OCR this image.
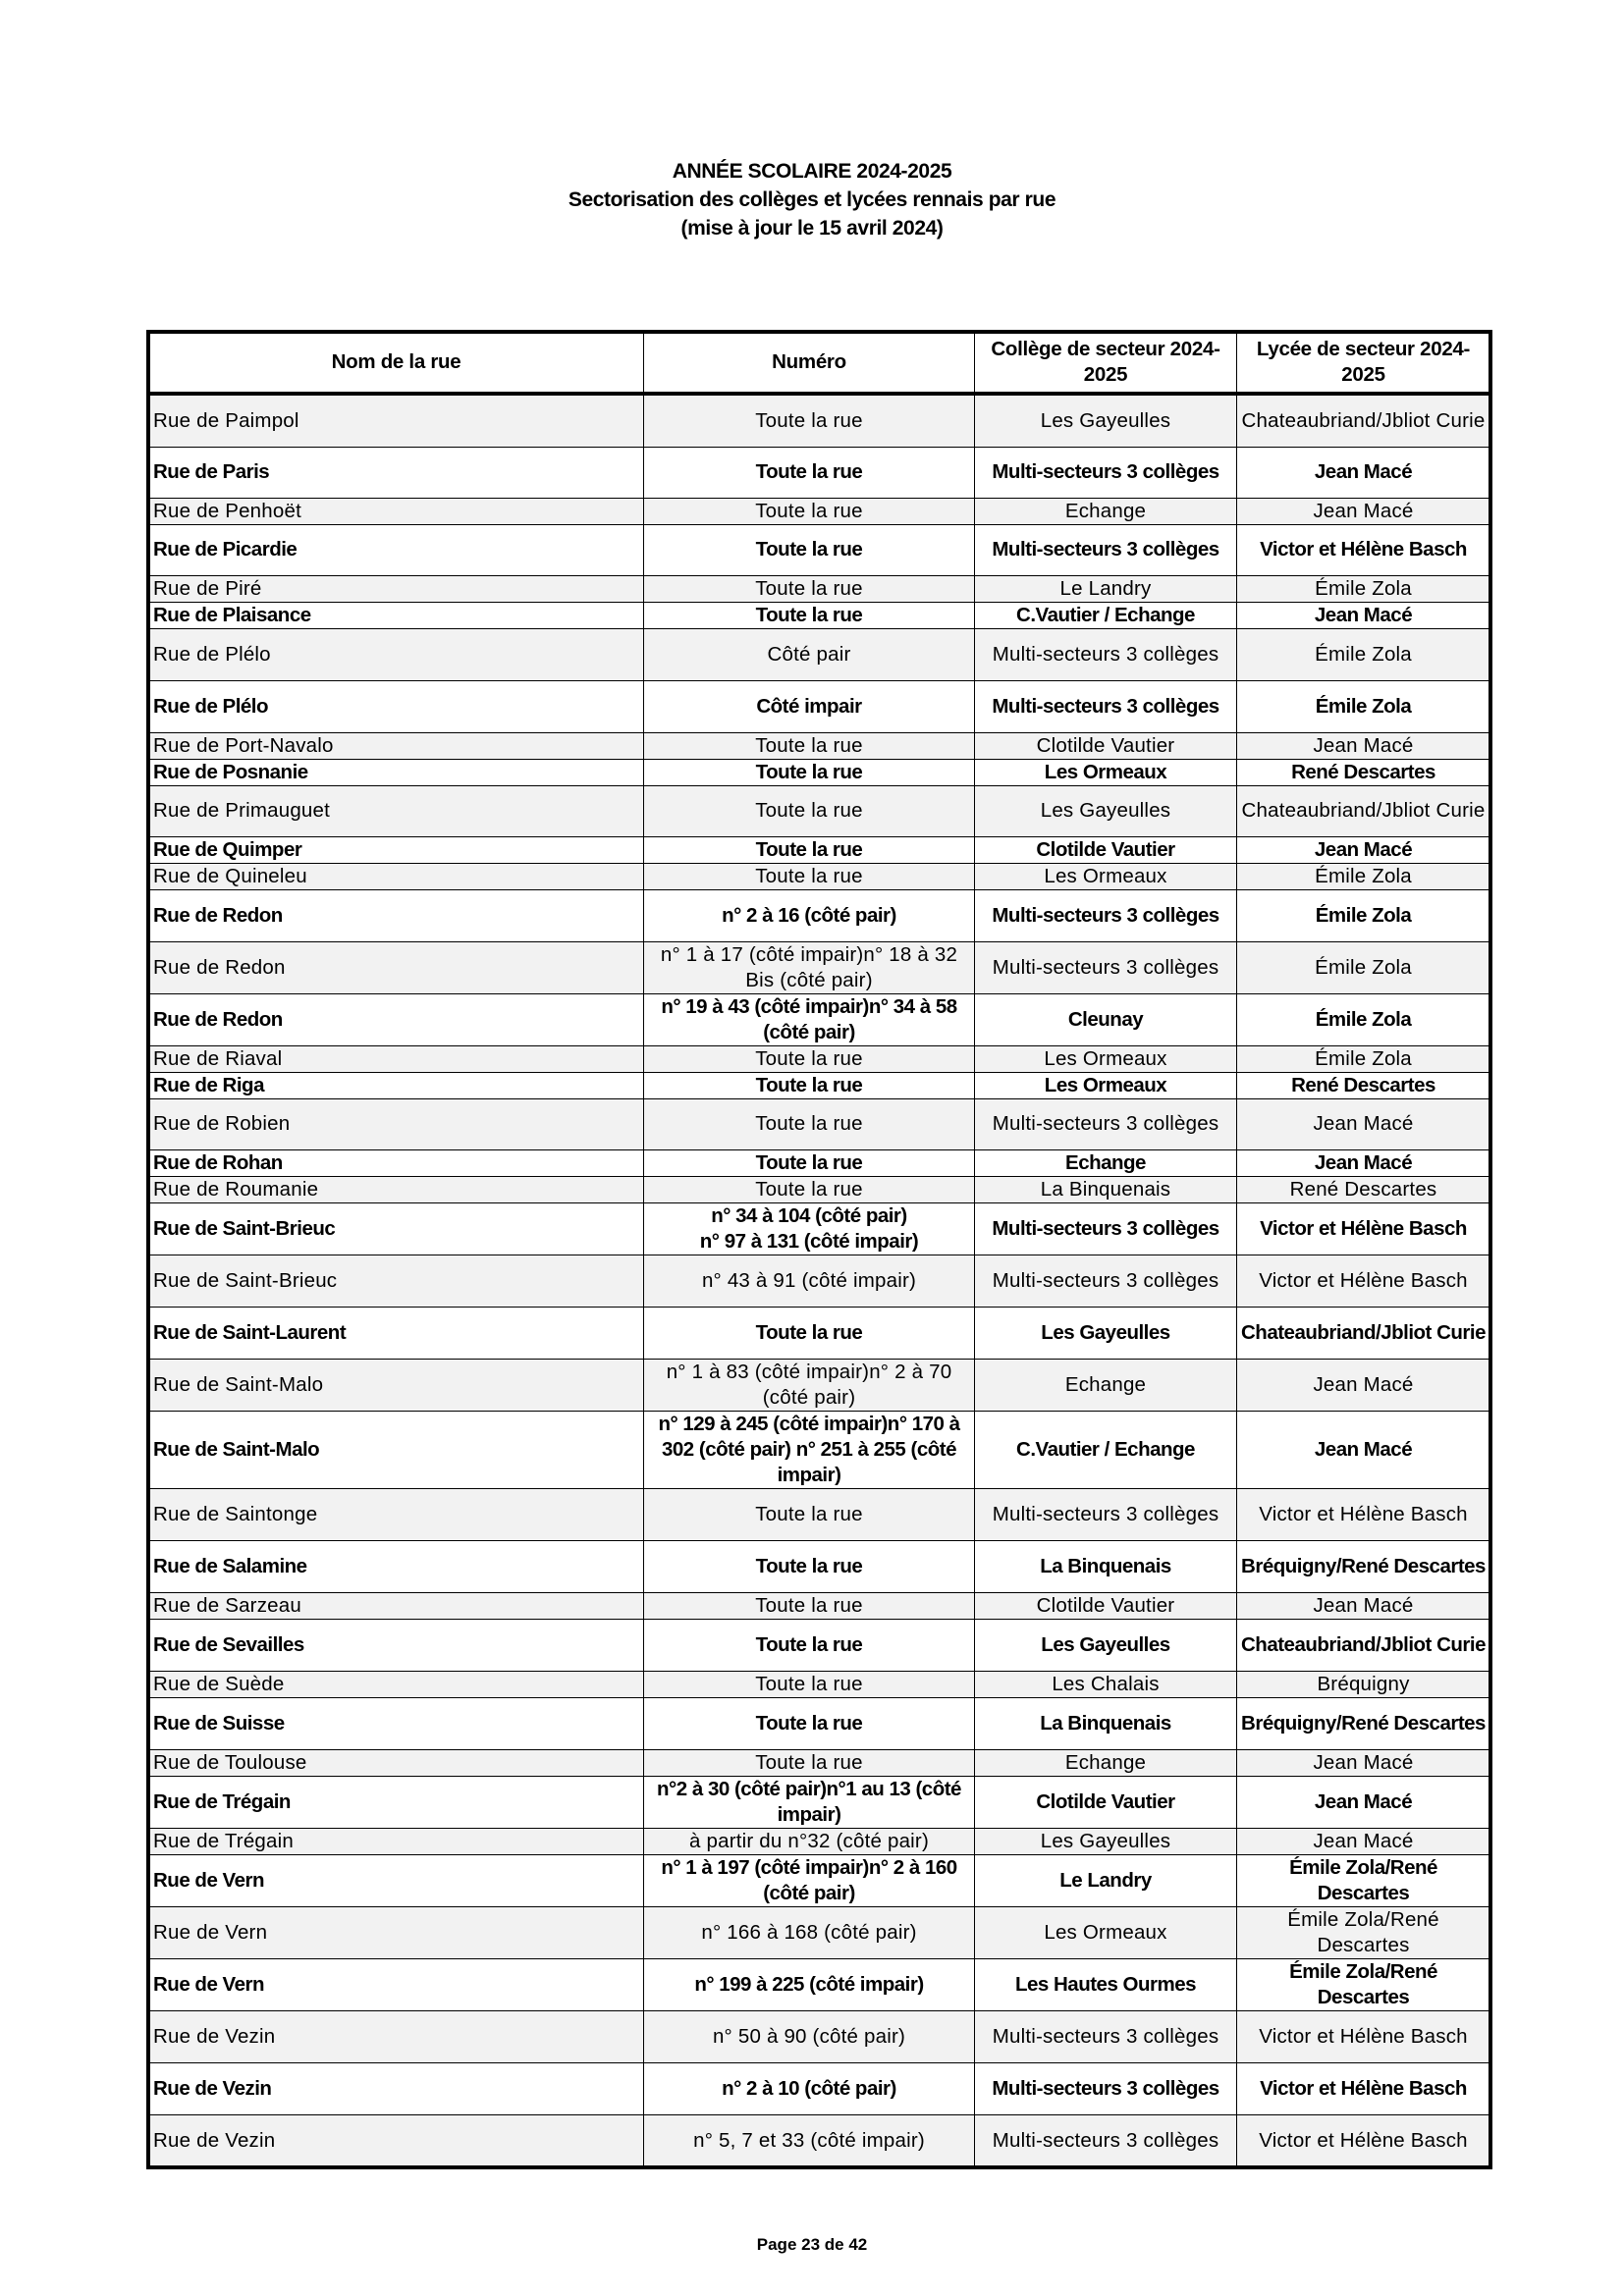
ANNÉE SCOLAIRE 2024-2025
Sectorisation des collèges et lycées rennais par rue
(mise à jour le 15 avril 2024)
Nom de la rue	Numéro	Collège de secteur 2024-2025	Lycée de secteur 2024-2025
Rue de Paimpol	Toute la rue	Les Gayeulles	Chateaubriand/Jbliot Curie
Rue de Paris	Toute la rue	Multi-secteurs 3 collèges	Jean Macé
Rue de Penhoët	Toute la rue	Echange	Jean Macé
Rue de Picardie	Toute la rue	Multi-secteurs 3 collèges	Victor et Hélène Basch
Rue de Piré	Toute la rue	Le Landry	Émile Zola
Rue de Plaisance	Toute la rue	C.Vautier / Echange	Jean Macé
Rue de Plélo	Côté pair	Multi-secteurs 3 collèges	Émile Zola
Rue de Plélo	Côté impair	Multi-secteurs 3 collèges	Émile Zola
Rue de Port-Navalo	Toute la rue	Clotilde Vautier	Jean Macé
Rue de Posnanie	Toute la rue	Les Ormeaux	René Descartes
Rue de Primauguet	Toute la rue	Les Gayeulles	Chateaubriand/Jbliot Curie
Rue de Quimper	Toute la rue	Clotilde Vautier	Jean Macé
Rue de Quineleu	Toute la rue	Les Ormeaux	Émile Zola
Rue de Redon	n° 2 à 16 (côté pair)	Multi-secteurs 3 collèges	Émile Zola
Rue de Redon	n° 1 à 17 (côté impair)n° 18 à 32 Bis (côté pair)	Multi-secteurs 3 collèges	Émile Zola
Rue de Redon	n° 19 à 43 (côté impair)n° 34 à 58 (côté pair)	Cleunay	Émile Zola
Rue de Riaval	Toute la rue	Les Ormeaux	Émile Zola
Rue de Riga	Toute la rue	Les Ormeaux	René Descartes
Rue de Robien	Toute la rue	Multi-secteurs 3 collèges	Jean Macé
Rue de Rohan	Toute la rue	Echange	Jean Macé
Rue de Roumanie	Toute la rue	La Binquenais	René Descartes
Rue de Saint-Brieuc	n° 34 à 104 (côté pair)
n° 97 à 131 (côté impair)	Multi-secteurs 3 collèges	Victor et Hélène Basch
Rue de Saint-Brieuc	n° 43 à 91 (côté impair)	Multi-secteurs 3 collèges	Victor et Hélène Basch
Rue de Saint-Laurent	Toute la rue	Les Gayeulles	Chateaubriand/Jbliot Curie
Rue de Saint-Malo	n° 1 à 83 (côté impair)n° 2 à 70 (côté pair)	Echange	Jean Macé
Rue de Saint-Malo	n° 129 à 245 (côté impair)n° 170 à 302 (côté pair) n° 251 à 255 (côté impair)	C.Vautier / Echange	Jean Macé
Rue de Saintonge	Toute la rue	Multi-secteurs 3 collèges	Victor et Hélène Basch
Rue de Salamine	Toute la rue	La Binquenais	Bréquigny/René Descartes
Rue de Sarzeau	Toute la rue	Clotilde Vautier	Jean Macé
Rue de Sevailles	Toute la rue	Les Gayeulles	Chateaubriand/Jbliot Curie
Rue de Suède	Toute la rue	Les Chalais	Bréquigny
Rue de Suisse	Toute la rue	La Binquenais	Bréquigny/René Descartes
Rue de Toulouse	Toute la rue	Echange	Jean Macé
Rue de Trégain	n°2 à 30 (côté pair)n°1 au 13 (côté impair)	Clotilde Vautier	Jean Macé
Rue de Trégain	à partir du n°32 (côté pair)	Les Gayeulles	Jean Macé
Rue de Vern	n° 1 à 197 (côté impair)n° 2 à 160 (côté pair)	Le Landry	Émile Zola/René Descartes
Rue de Vern	n° 166 à 168 (côté pair)	Les Ormeaux	Émile Zola/René Descartes
Rue de Vern	n° 199 à 225 (côté impair)	Les Hautes Ourmes	Émile Zola/René Descartes
Rue de Vezin	n° 50 à 90 (côté pair)	Multi-secteurs 3 collèges	Victor et Hélène Basch
Rue de Vezin	n° 2 à 10 (côté pair)	Multi-secteurs 3 collèges	Victor et Hélène Basch
Rue de Vezin	n° 5, 7 et 33 (côté impair)	Multi-secteurs 3 collèges	Victor et Hélène Basch
Page 23 de 42
